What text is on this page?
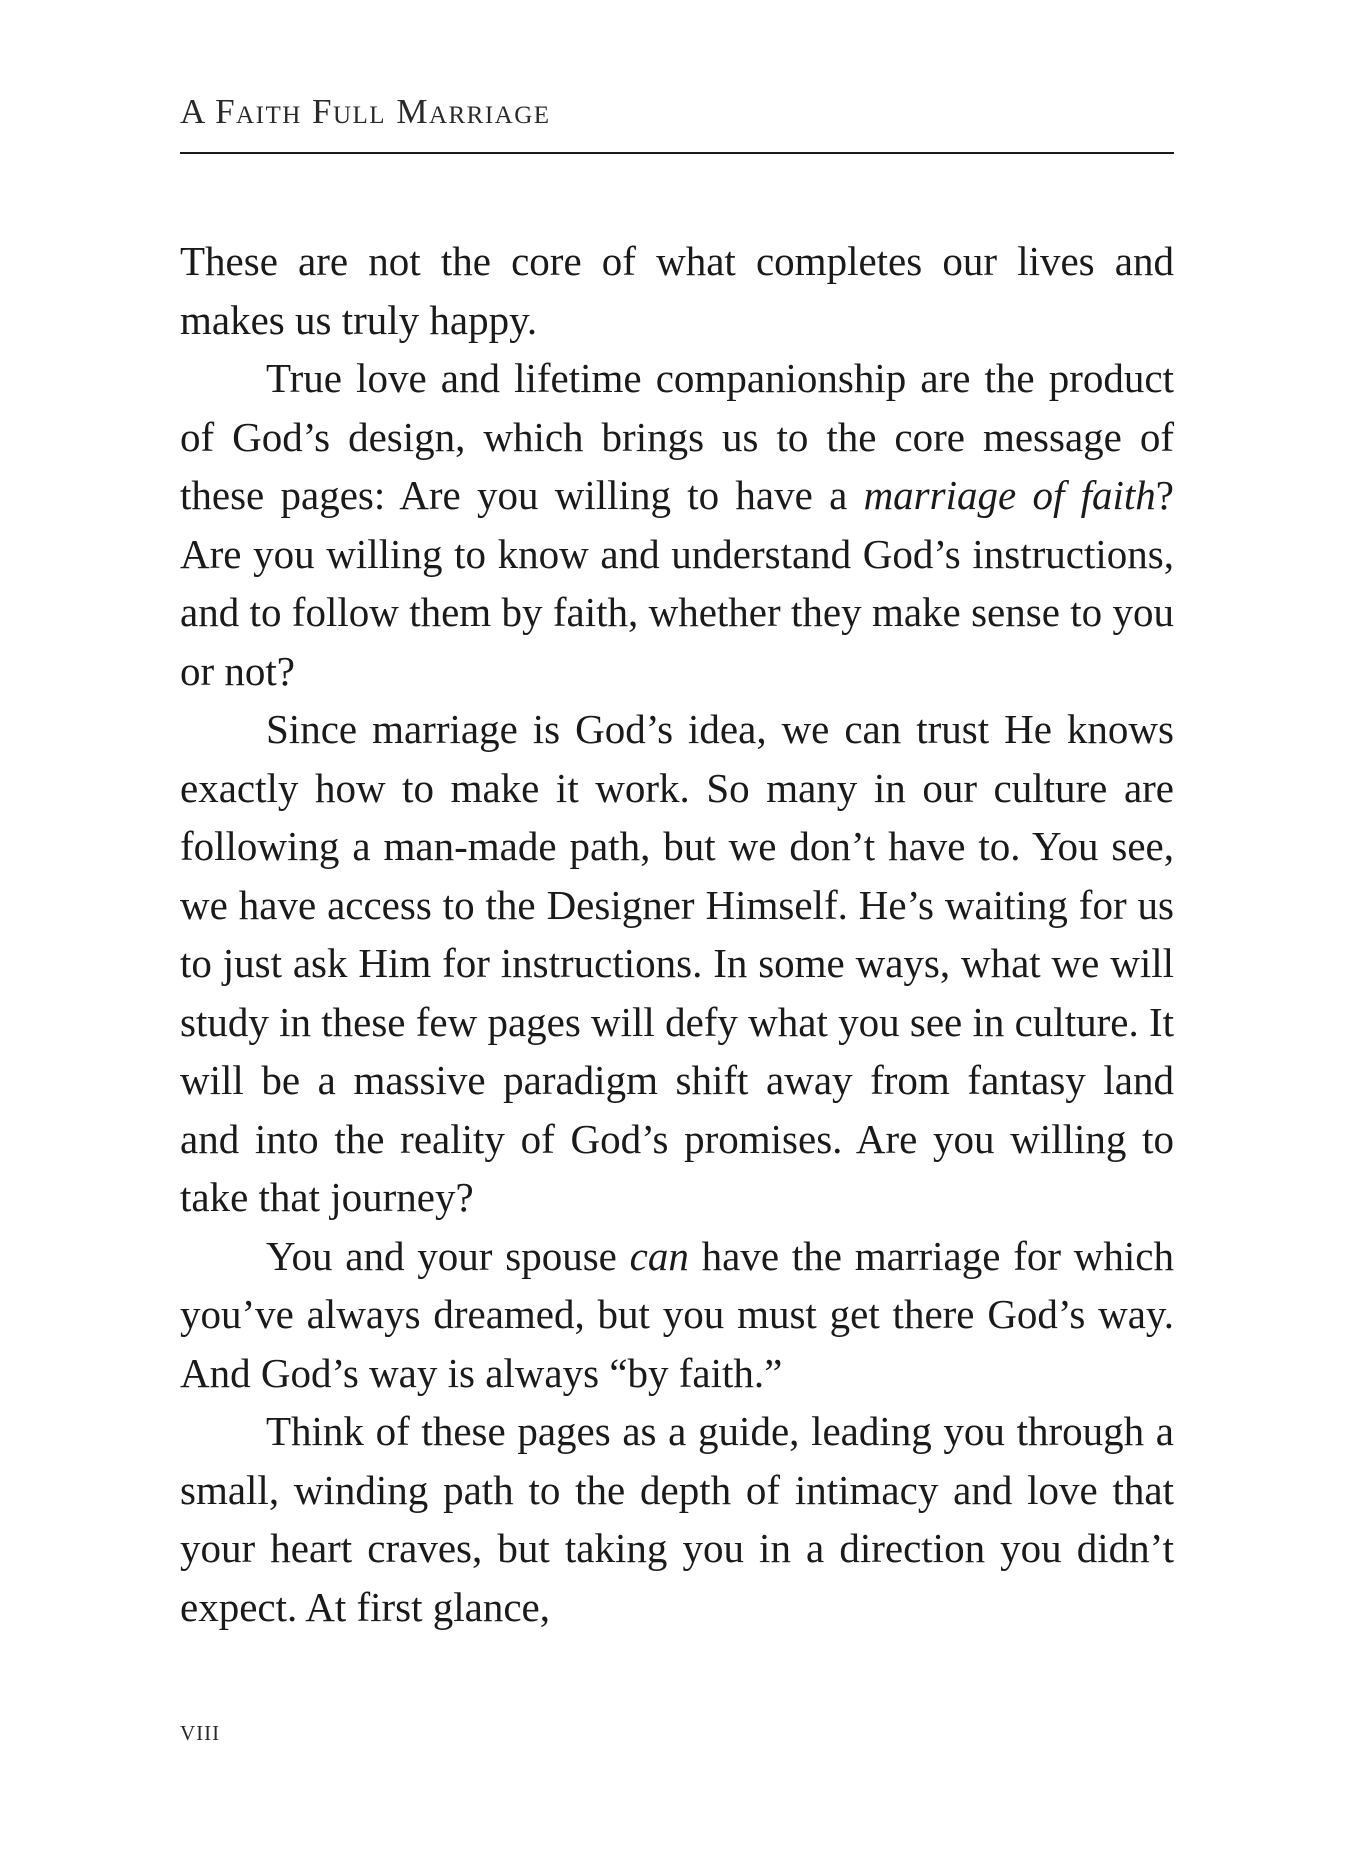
A Faith Full Marriage

These are not the core of what completes our lives and makes us truly happy.

True love and lifetime companionship are the product of God’s design, which brings us to the core message of these pages: Are you willing to have a marriage of faith? Are you willing to know and understand God’s instructions, and to follow them by faith, whether they make sense to you or not?

Since marriage is God’s idea, we can trust He knows exactly how to make it work. So many in our culture are following a man-made path, but we don’t have to. You see, we have access to the Designer Himself. He’s waiting for us to just ask Him for instructions. In some ways, what we will study in these few pages will defy what you see in culture. It will be a massive paradigm shift away from fantasy land and into the reality of God’s promises. Are you willing to take that journey?

You and your spouse can have the marriage for which you’ve always dreamed, but you must get there God’s way. And God’s way is always “by faith.”

Think of these pages as a guide, leading you through a small, winding path to the depth of intimacy and love that your heart craves, but taking you in a direction you didn’t expect. At first glance,

viii
